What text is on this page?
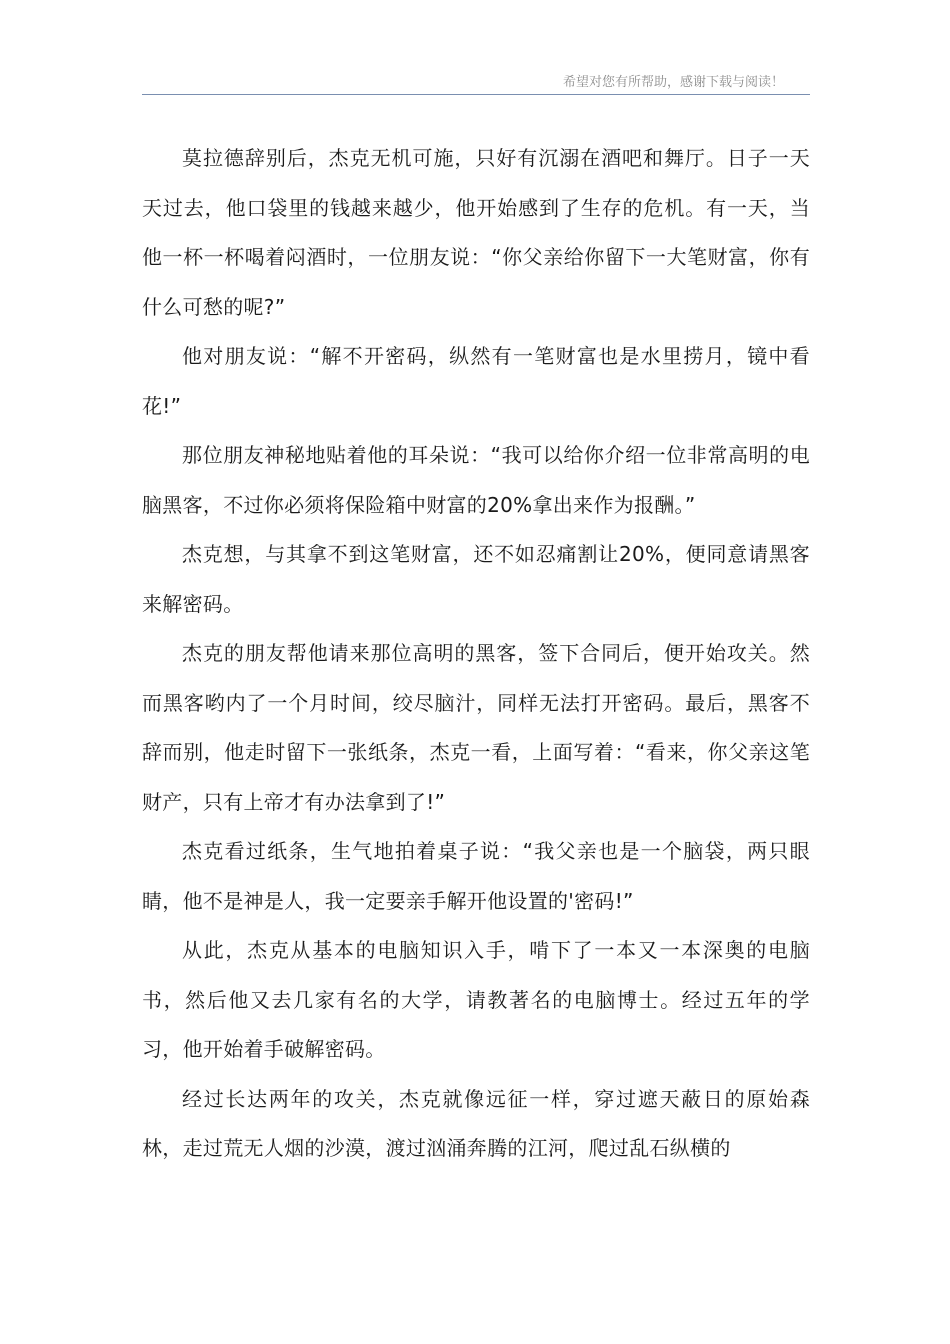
希望对您有所帮助，感谢下载与阅读！

莫拉德辞别后，杰克无机可施，只好有沉溺在酒吧和舞厅。日子一天天过去，他口袋里的钱越来越少，他开始感到了生存的危机。有一天，当他一杯一杯喝着闷酒时，一位朋友说：“你父亲给你留下一大笔财富，你有什么可愁的呢?”

他对朋友说：“解不开密码，纵然有一笔财富也是水里捞月，镜中看花!”

那位朋友神秘地贴着他的耳朵说：“我可以给你介绍一位非常高明的电脑黑客，不过你必须将保险箱中财富的20%拿出来作为报酬。”

杰克想，与其拿不到这笔财富，还不如忍痛割让20%，便同意请黑客来解密码。

杰克的朋友帮他请来那位高明的黑客，签下合同后，便开始攻关。然而黑客哟内了一个月时间，绞尽脑汁，同样无法打开密码。最后，黑客不辞而别，他走时留下一张纸条，杰克一看，上面写着：“看来，你父亲这笔财产，只有上帝才有办法拿到了!”

杰克看过纸条，生气地拍着桌子说：“我父亲也是一个脑袋，两只眼睛，他不是神是人，我一定要亲手解开他设置的'密码!”

从此，杰克从基本的电脑知识入手，啃下了一本又一本深奥的电脑书，然后他又去几家有名的大学，请教著名的电脑博士。经过五年的学习，他开始着手破解密码。

经过长达两年的攻关，杰克就像远征一样，穿过遮天蔽日的原始森林，走过荒无人烟的沙漠，渡过汹涌奔腾的江河，爬过乱石纵横的
